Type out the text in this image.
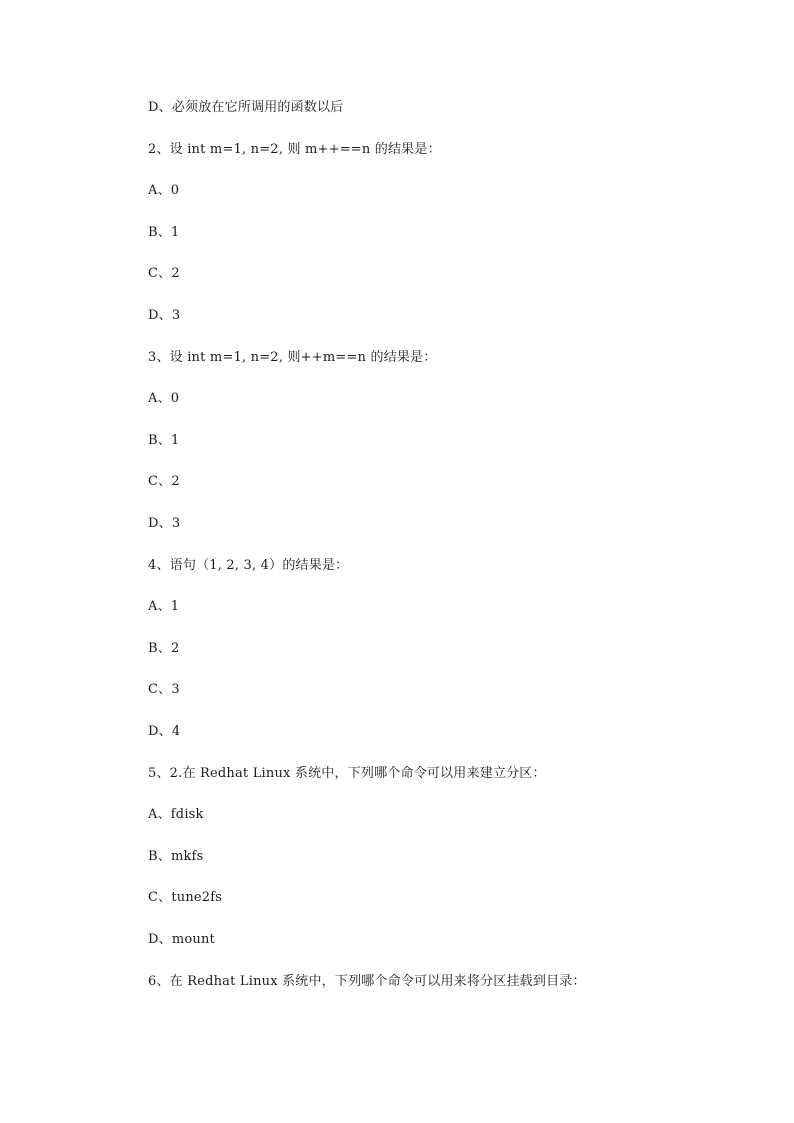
D、必须放在它所调用的函数以后
2、设 int m=1, n=2, 则 m++==n 的结果是：
A、0
B、1
C、2
D、3
3、设 int m=1, n=2, 则++m==n 的结果是：
A、0
B、1
C、2
D、3
4、语句（1, 2, 3, 4）的结果是：
A、1
B、2
C、3
D、4
5、2.在 Redhat Linux 系统中，下列哪个命令可以用来建立分区：
A、fdisk
B、mkfs
C、tune2fs
D、mount
6、在 Redhat Linux 系统中，下列哪个命令可以用来将分区挂载到目录：
